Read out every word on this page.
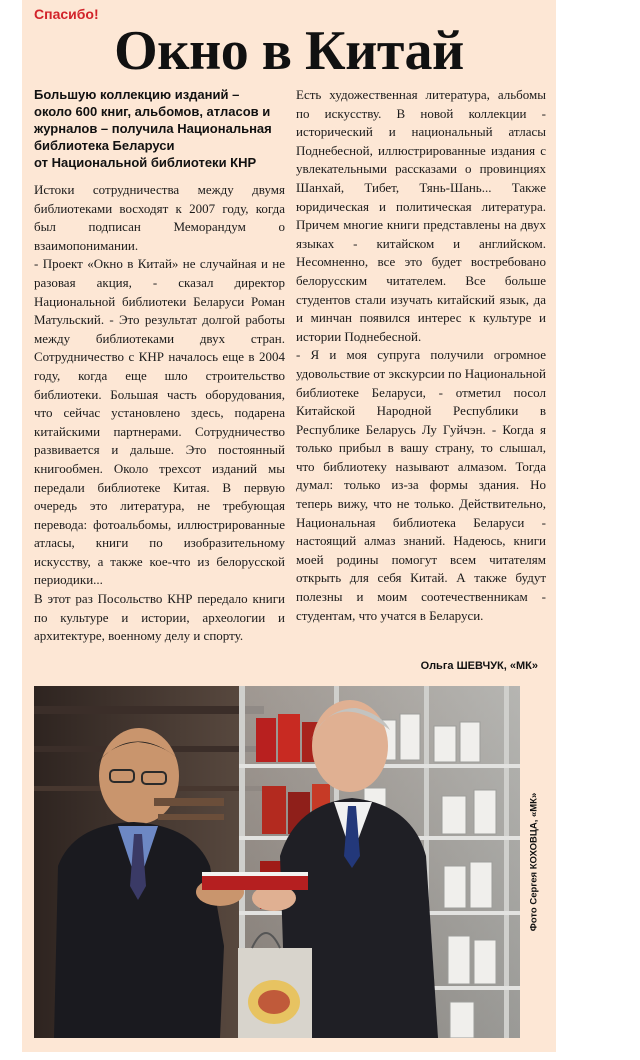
Спасибо!
Окно в Китай
Большую коллекцию изданий –
около 600 книг, альбомов, атласов и
журналов – получила Национальная
библиотека Беларуси
от Национальной библиотеки КНР

Истоки сотрудничества между двумя библиотеками восходят к 2007 году, когда был подписан Меморандум о взаимопонимании.

- Проект «Окно в Китай» не случайная и не разовая акция, - сказал директор Национальной библиотеки Беларуси Роман Матульский. - Это результат долгой работы между библиотеками двух стран. Сотрудничество с КНР началось еще в 2004 году, когда еще шло строительство библиотеки. Большая часть оборудования, что сейчас установлено здесь, подарена китайскими партнерами. Сотрудничество развивается и дальше. Это постоянный книгообмен. Около трехсот изданий мы передали библиотеке Китая. В первую очередь это литература, не требующая перевода: фотоальбомы, иллюстрированные атласы, книги по изобразительному искусству, а также кое-что из белорусской периодики...

В этот раз Посольство КНР передало книги по культуре и истории, археологии и архитектуре, военному делу и спорту.

Есть художественная литература, альбомы по искусству. В новой коллекции - исторический и национальный атласы Поднебесной, иллюстрированные издания с увлекательными рассказами о провинциях Шанхай, Тибет, Тянь-Шань... Также юридическая и политическая литература. Причем многие книги представлены на двух языках - китайском и английском. Несомненно, все это будет востребовано белорусским читателем. Все больше студентов стали изучать китайский язык, да и минчан появился интерес к культуре и истории Поднебесной.

- Я и моя супруга получили огромное удовольствие от экскурсии по Национальной библиотеке Беларуси, - отметил посол Китайской Народной Республики в Республике Беларусь Лу Гуйчэн. - Когда я только прибыл в вашу страну, то слышал, что библиотеку называют алмазом. Тогда думал: только из-за формы здания. Но теперь вижу, что не только. Действительно, Национальная библиотека Беларуси - настоящий алмаз знаний. Надеюсь, книги моей родины помогут всем читателям открыть для себя Китай. А также будут полезны и моим соотечественникам - студентам, что учатся в Беларуси.

Ольга ШЕВЧУК, «МК»
Фото Сергея КОХОВЦА, «МК»
